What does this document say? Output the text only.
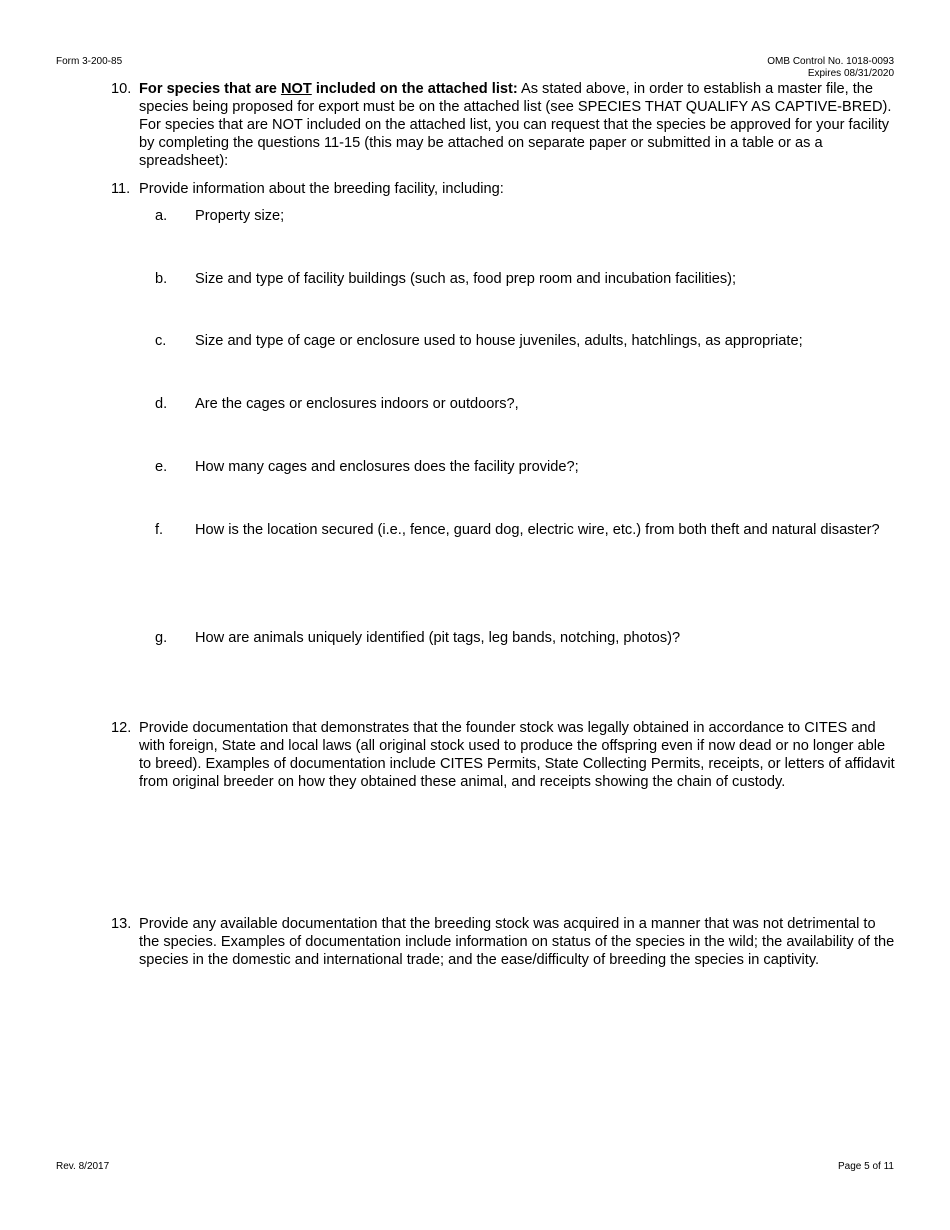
Form 3-200-85	OMB Control No. 1018-0093
Expires 08/31/2020
10. For species that are NOT included on the attached list: As stated above, in order to establish a master file, the species being proposed for export must be on the attached list (see SPECIES THAT QUALIFY AS CAPTIVE-BRED). For species that are NOT included on the attached list, you can request that the species be approved for your facility by completing the questions 11-15 (this may be attached on separate paper or submitted in a table or as a spreadsheet):
11. Provide information about the breeding facility, including:
a. Property size;
b. Size and type of facility buildings (such as, food prep room and incubation facilities);
c. Size and type of cage or enclosure used to house juveniles, adults, hatchlings, as appropriate;
d. Are the cages or enclosures indoors or outdoors?,
e. How many cages and enclosures does the facility provide?;
f. How is the location secured (i.e., fence, guard dog, electric wire, etc.) from both theft and natural disaster?
g. How are animals uniquely identified (pit tags, leg bands, notching, photos)?
12. Provide documentation that demonstrates that the founder stock was legally obtained in accordance to CITES and with foreign, State and local laws (all original stock used to produce the offspring even if now dead or no longer able to breed). Examples of documentation include CITES Permits, State Collecting Permits, receipts, or letters of affidavit from original breeder on how they obtained these animal, and receipts showing the chain of custody.
13. Provide any available documentation that the breeding stock was acquired in a manner that was not detrimental to the species. Examples of documentation include information on status of the species in the wild; the availability of the species in the domestic and international trade; and the ease/difficulty of breeding the species in captivity.
Rev. 8/2017	Page 5 of 11
